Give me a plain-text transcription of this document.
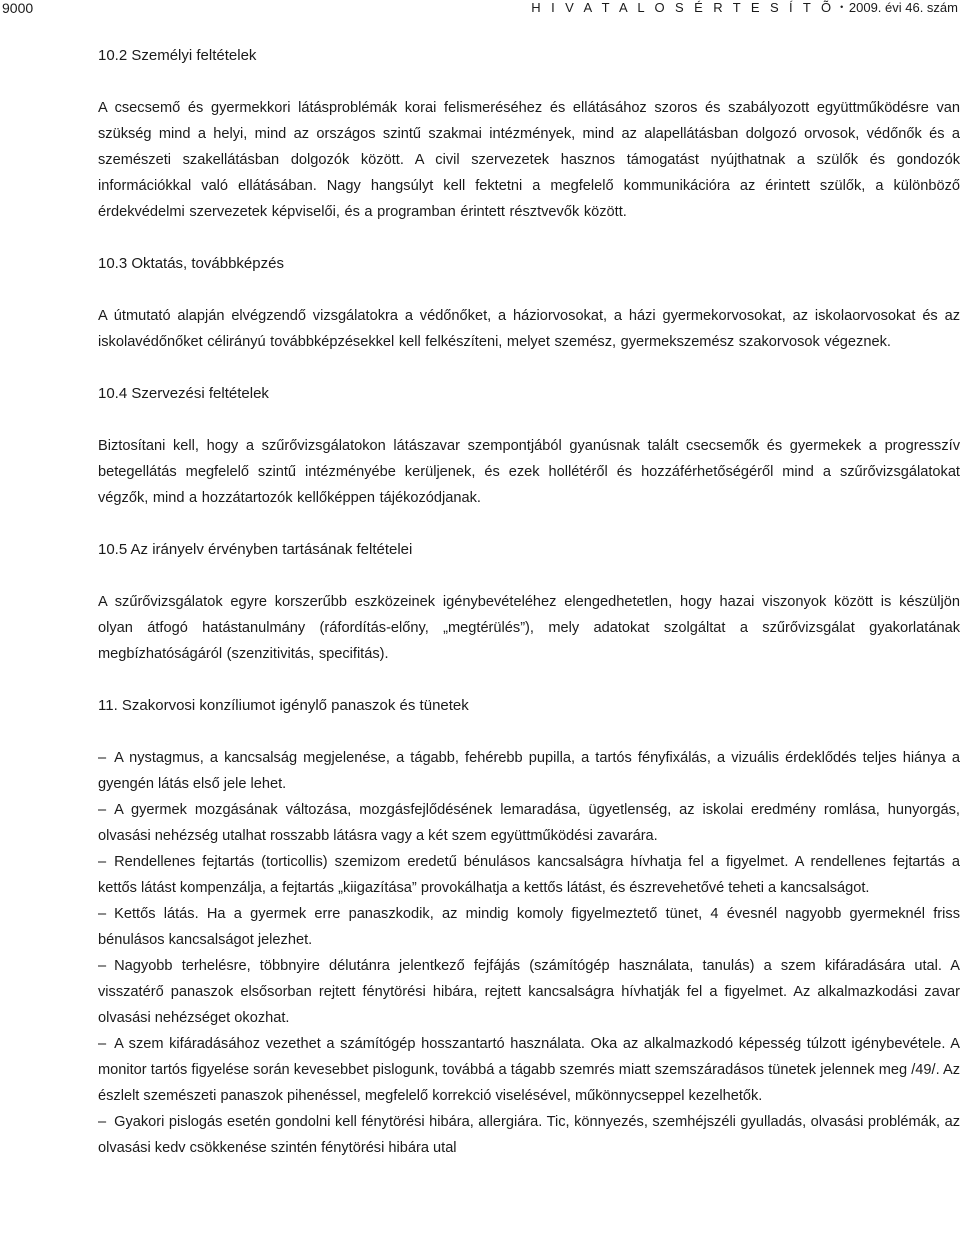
9000	H I V A T A L O S É R T E S Í T Õ • 2009. évi 46. szám
10.2 Személyi feltételek

A csecsemő és gyermekkori látásproblémák korai felismeréséhez és ellátásához szoros és szabályozott együttműködésre van szükség mind a helyi, mind az országos szintű szakmai intézmények, mind az alapellátásban dolgozó orvosok, védőnők és a szemészeti szakellátásban dolgozók között. A civil szervezetek hasznos támogatást nyújthatnak a szülők és gondozók információkkal való ellátásában. Nagy hangsúlyt kell fektetni a megfelelő kommunikációra az érintett szülők, a különböző érdekvédelmi szervezetek képviselői, és a programban érintett résztvevők között.

10.3 Oktatás, továbbképzés

A útmutató alapján elvégzendő vizsgálatokra a védőnőket, a háziorvosokat, a házi gyermekorvosokat, az iskolaorvosokat és az iskolavédőnőket célirányú továbbképzésekkel kell felkészíteni, melyet szemész, gyermekszemész szakorvosok végeznek.

10.4 Szervezési feltételek

Biztosítani kell, hogy a szűrővizsgálatokon látászavar szempontjából gyanúsnak talált csecsemők és gyermekek a progresszív betegellátás megfelelő szintű intézményébe kerüljenek, és ezek hollétéről és hozzáférhetőségéről mind a szűrővizsgálatokat végzők, mind a hozzátartozók kellőképpen tájékozódjanak.

10.5 Az irányelv érvényben tartásának feltételei

A szűrővizsgálatok egyre korszerűbb eszközeinek igénybevételéhez elengedhetetlen, hogy hazai viszonyok között is készüljön olyan átfogó hatástanulmány (ráfordítás-előny, „megtérülés”), mely adatokat szolgáltat a szűrővizsgálat gyakorlatának megbízhatóságáról (szenzitivitás, specifitás).

11. Szakorvosi konzíliumot igénylő panaszok és tünetek
– A nystagmus, a kancsalság megjelenése, a tágabb, fehérebb pupilla, a tartós fényfixálás, a vizuális érdeklődés teljes hiánya a gyengén látás első jele lehet.
– A gyermek mozgásának változása, mozgásfejlődésének lemaradása, ügyetlenség, az iskolai eredmény romlása, hunyorgás, olvasási nehézség utalhat rosszabb látásra vagy a két szem együttműködési zavarára.
– Rendellenes fejtartás (torticollis) szemizom eredetű bénulásos kancsalságra hívhatja fel a figyelmet. A rendellenes fejtartás a kettős látást kompenzálja, a fejtartás „kiigazítása” provokálhatja a kettős látást, és észrevehetővé teheti a kancsalságot.
– Kettős látás. Ha a gyermek erre panaszkodik, az mindig komoly figyelmeztető tünet, 4 évesnél nagyobb gyermeknél friss bénulásos kancsalságot jelezhet.
– Nagyobb terhelésre, többnyire délutánra jelentkező fejfájás (számítógép használata, tanulás) a szem kifáradására utal. A visszatérő panaszok elsősorban rejtett fénytörési hibára, rejtett kancsalságra hívhatják fel a figyelmet. Az alkalmazkodási zavar olvasási nehézséget okozhat.
– A szem kifáradásához vezethet a számítógép hosszantartó használata. Oka az alkalmazkodó képesség túlzott igénybevétele. A monitor tartós figyelése során kevesebbet pislogunk, továbbá a tágabb szemrés miatt szemszáradásos tünetek jelennek meg /49/. Az észlelt szemészeti panaszok pihenéssel, megfelelő korrekció viselésével, műkönnycseppel kezelhetők.
– Gyakori pislogás esetén gondolni kell fénytörési hibára, allergiára. Tic, könnyezés, szemhéjszéli gyulladás, olvasási problémák, az olvasási kedv csökkenése szintén fénytörési hibára utal
